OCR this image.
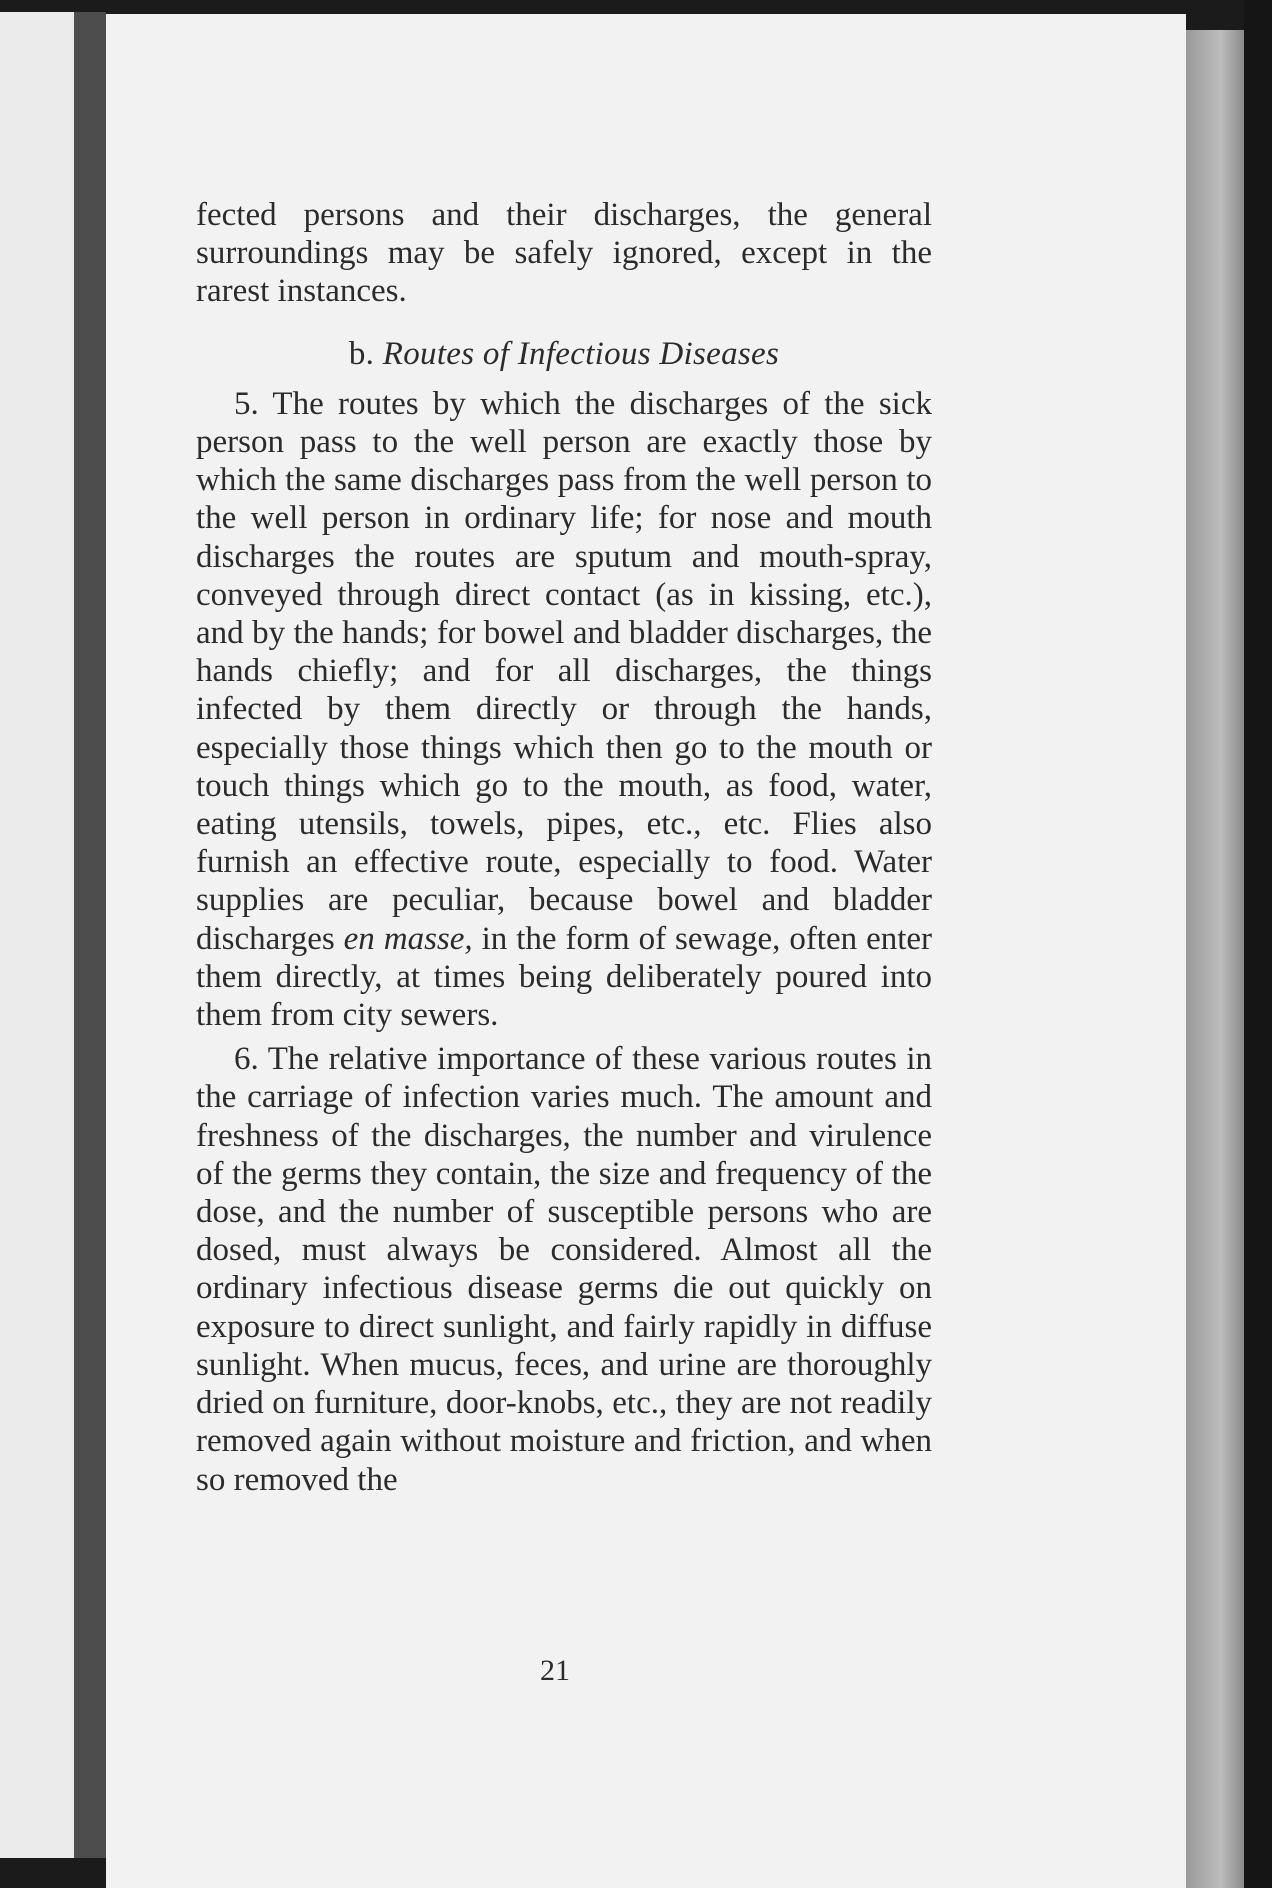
fected persons and their discharges, the general surroundings may be safely ignored, except in the rarest instances.

b. Routes of Infectious Diseases

5. The routes by which the discharges of the sick person pass to the well person are exactly those by which the same discharges pass from the well person to the well person in ordinary life; for nose and mouth discharges the routes are sputum and mouth-spray, conveyed through direct contact (as in kissing, etc.), and by the hands; for bowel and bladder discharges, the hands chiefly; and for all discharges, the things infected by them directly or through the hands, especially those things which then go to the mouth or touch things which go to the mouth, as food, water, eating utensils, towels, pipes, etc., etc. Flies also furnish an effective route, especially to food. Water supplies are peculiar, because bowel and bladder discharges en masse, in the form of sewage, often enter them directly, at times being deliberately poured into them from city sewers.

6. The relative importance of these various routes in the carriage of infection varies much. The amount and freshness of the discharges, the number and virulence of the germs they contain, the size and frequency of the dose, and the number of susceptible persons who are dosed, must always be considered. Almost all the ordinary infectious disease germs die out quickly on exposure to direct sunlight, and fairly rapidly in diffuse sunlight. When mucus, feces, and urine are thoroughly dried on furniture, door-knobs, etc., they are not readily removed again without moisture and friction, and when so removed the

21
